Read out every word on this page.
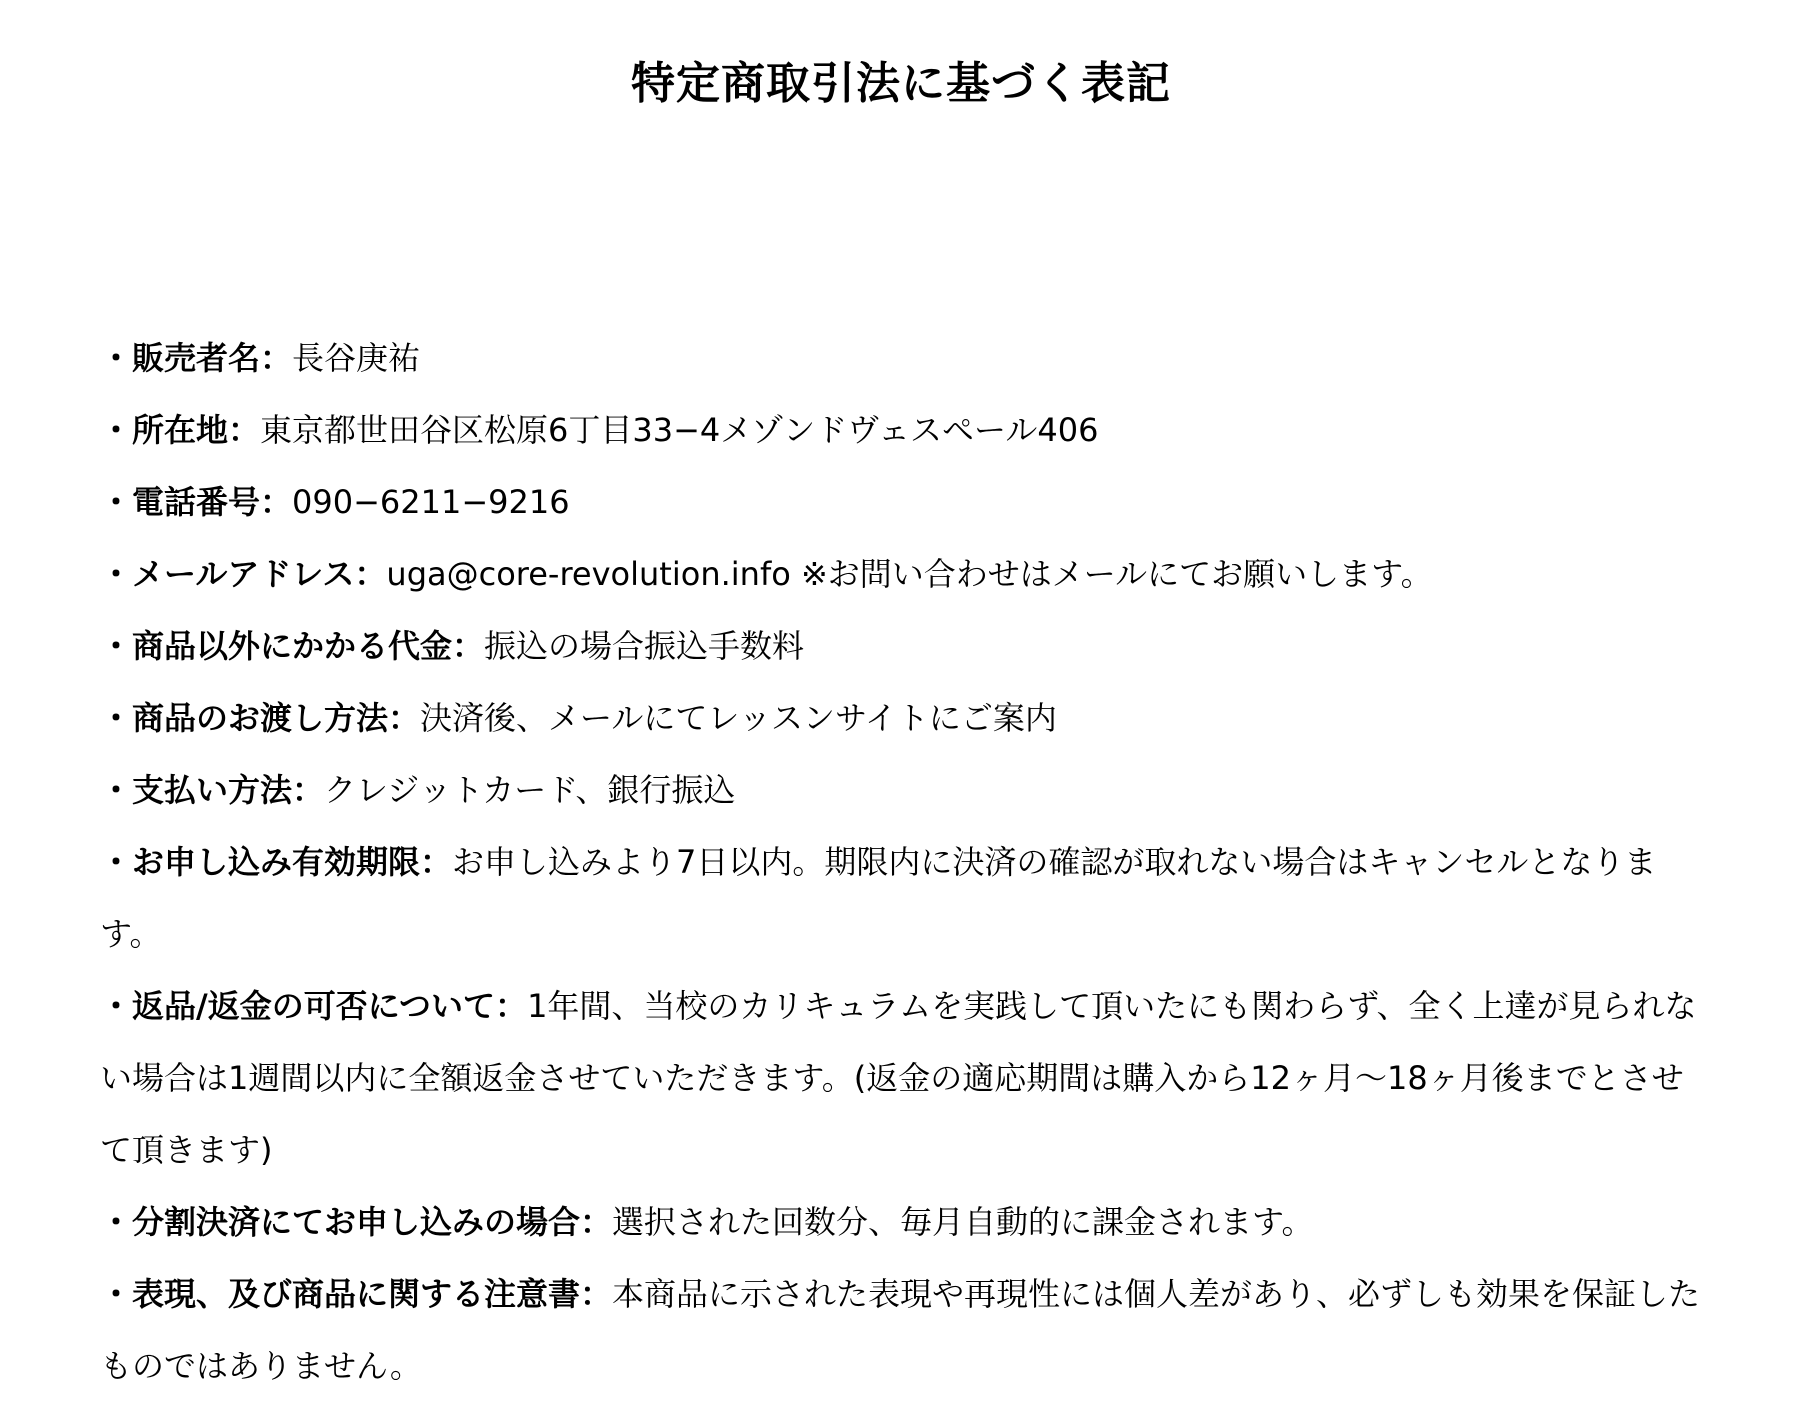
特定商取引法に基づく表記
・販売者名：長谷庚祐
・所在地：東京都世田谷区松原6丁目33−4メゾンドヴェスペール406
・電話番号：090−6211−9216
・メールアドレス：uga@core-revolution.info ※お問い合わせはメールにてお願いします。
・商品以外にかかる代金：振込の場合振込手数料
・商品のお渡し方法：決済後、メールにてレッスンサイトにご案内
・支払い方法：クレジットカード、銀行振込
・お申し込み有効期限：お申し込みより7日以内。期限内に決済の確認が取れない場合はキャンセルとなります。
・返品/返金の可否について：1年間、当校のカリキュラムを実践して頂いたにも関わらず、全く上達が見られない場合は1週間以内に全額返金させていただきます。(返金の適応期間は購入から12ヶ月〜18ヶ月後までとさせて頂きます)
・分割決済にてお申し込みの場合：選択された回数分、毎月自動的に課金されます。
・表現、及び商品に関する注意書：本商品に示された表現や再現性には個人差があり、必ずしも効果を保証したものではありません。
